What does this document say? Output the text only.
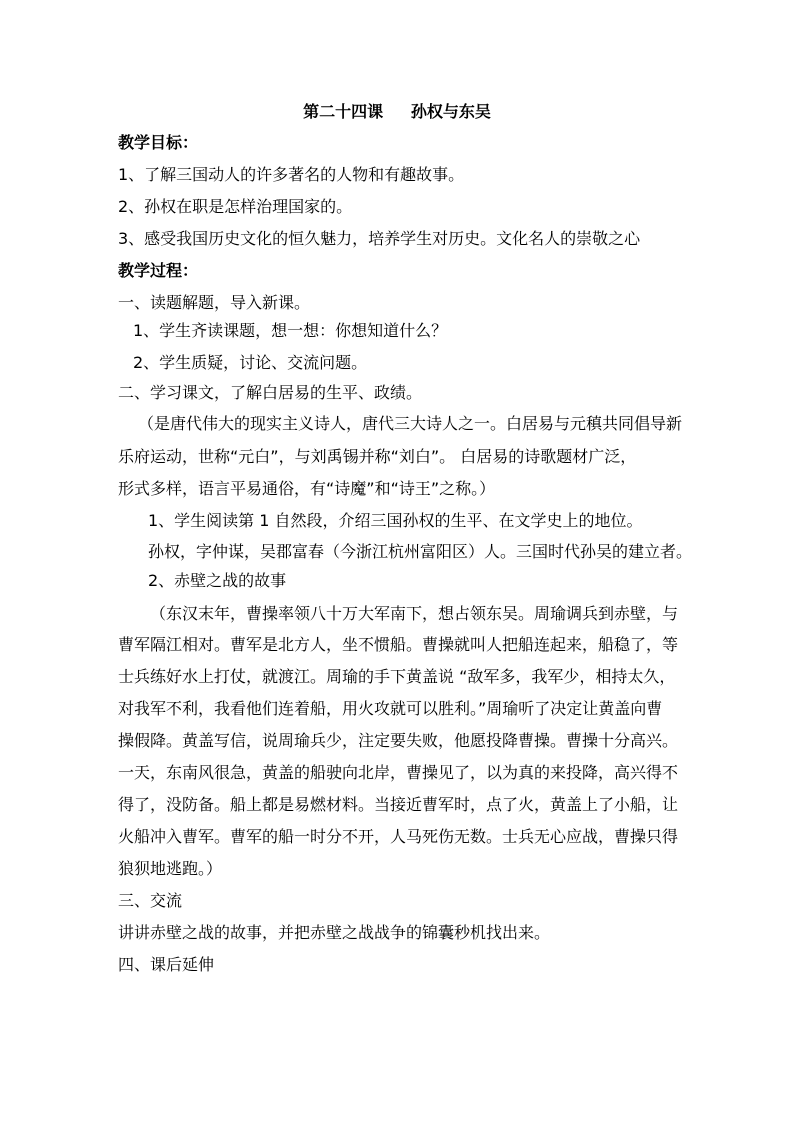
第二十四课     孙权与东吴
教学目标：
1、了解三国动人的许多著名的人物和有趣故事。
2、孙权在职是怎样治理国家的。
3、感受我国历史文化的恒久魅力，培养学生对历史。文化名人的崇敬之心
教学过程：
一、读题解题，导入新课。
1、学生齐读课题，想一想：你想知道什么？
2、学生质疑，讨论、交流问题。
二、学习课文，了解白居易的生平、政绩。
（是唐代伟大的现实主义诗人，唐代三大诗人之一。白居易与元稹共同倡导新
乐府运动，世称“元白”，与刘禹锡并称“刘白”。 白居易的诗歌题材广泛，
形式多样，语言平易通俗，有“诗魔”和“诗王”之称。）
1、学生阅读第 1 自然段，介绍三国孙权的生平、在文学史上的地位。
孙权，字仲谋，吴郡富春（今浙江杭州富阳区）人。三国时代孙吴的建立者。
2、赤壁之战的故事
（东汉末年，曹操率领八十万大军南下，想占领东吴。周瑜调兵到赤壁，与
曹军隔江相对。曹军是北方人，坐不惯船。曹操就叫人把船连起来，船稳了，等
士兵练好水上打仗，就渡江。周瑜的手下黄盖说 “敌军多，我军少，相持太久，
对我军不利，我看他们连着船，用火攻就可以胜利。”周瑜听了决定让黄盖向曹
操假降。黄盖写信，说周瑜兵少，注定要失败，他愿投降曹操。曹操十分高兴。
一天，东南风很急，黄盖的船驶向北岸，曹操见了，以为真的来投降，高兴得不
得了，没防备。船上都是易燃材料。当接近曹军时，点了火，黄盖上了小船，让
火船冲入曹军。曹军的船一时分不开，人马死伤无数。士兵无心应战，曹操只得
狼狈地逃跑。）
三、交流
讲讲赤壁之战的故事，并把赤壁之战战争的锦囊秒机找出来。
四、课后延伸
